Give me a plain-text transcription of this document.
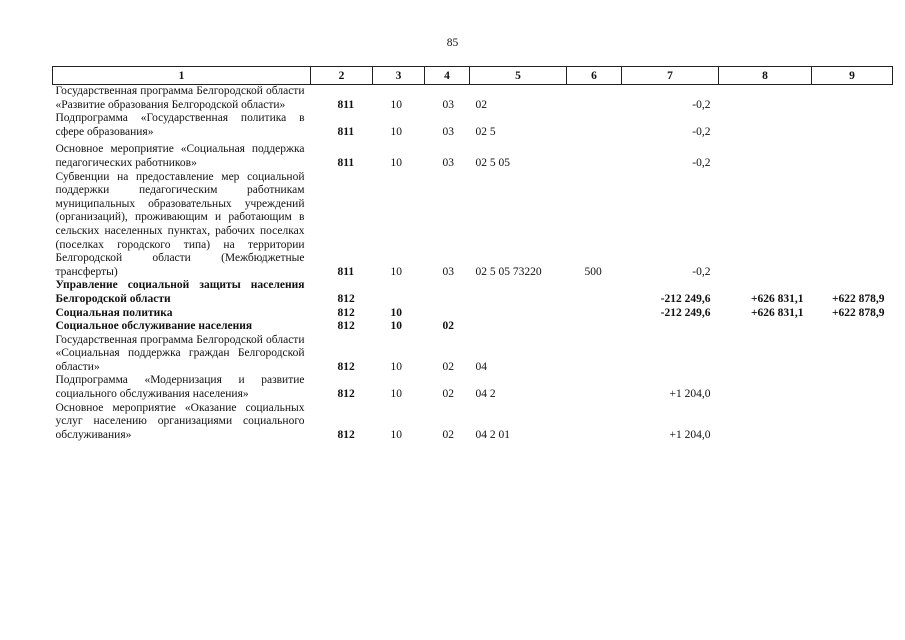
85
1	2	3	4	5	6	7	8	9
Государственная программа Белгородской области «Развитие образования Белгородской области»	811	10	03	02		-0,2		
Подпрограмма «Государственная политика в сфере образования»	811	10	03	02 5		-0,2		
Основное мероприятие «Социальная поддержка педагогических работников»	811	10	03	02 5 05		-0,2		
Субвенции на предоставление мер социальной поддержки педагогическим работникам муниципальных образовательных учреждений (организаций), проживающим и работающим в сельских населенных пунктах, рабочих поселках (поселках городского типа) на территории Белгородской области (Межбюджетные трансферты)	811	10	03	02 5 05 73220	500	-0,2		
Управление социальной защиты населения Белгородской области	812					-212 249,6	+626 831,1	+622 878,9
Социальная политика	812	10				-212 249,6	+626 831,1	+622 878,9
Социальное обслуживание населения	812	10	02					
Государственная программа Белгородской области «Социальная поддержка граждан Белгородской области»	812	10	02	04				
Подпрограмма «Модернизация и развитие социального обслуживания населения»	812	10	02	04 2		+1 204,0		
Основное мероприятие «Оказание социальных услуг населению организациями социального обслуживания»	812	10	02	04 2 01		+1 204,0		
